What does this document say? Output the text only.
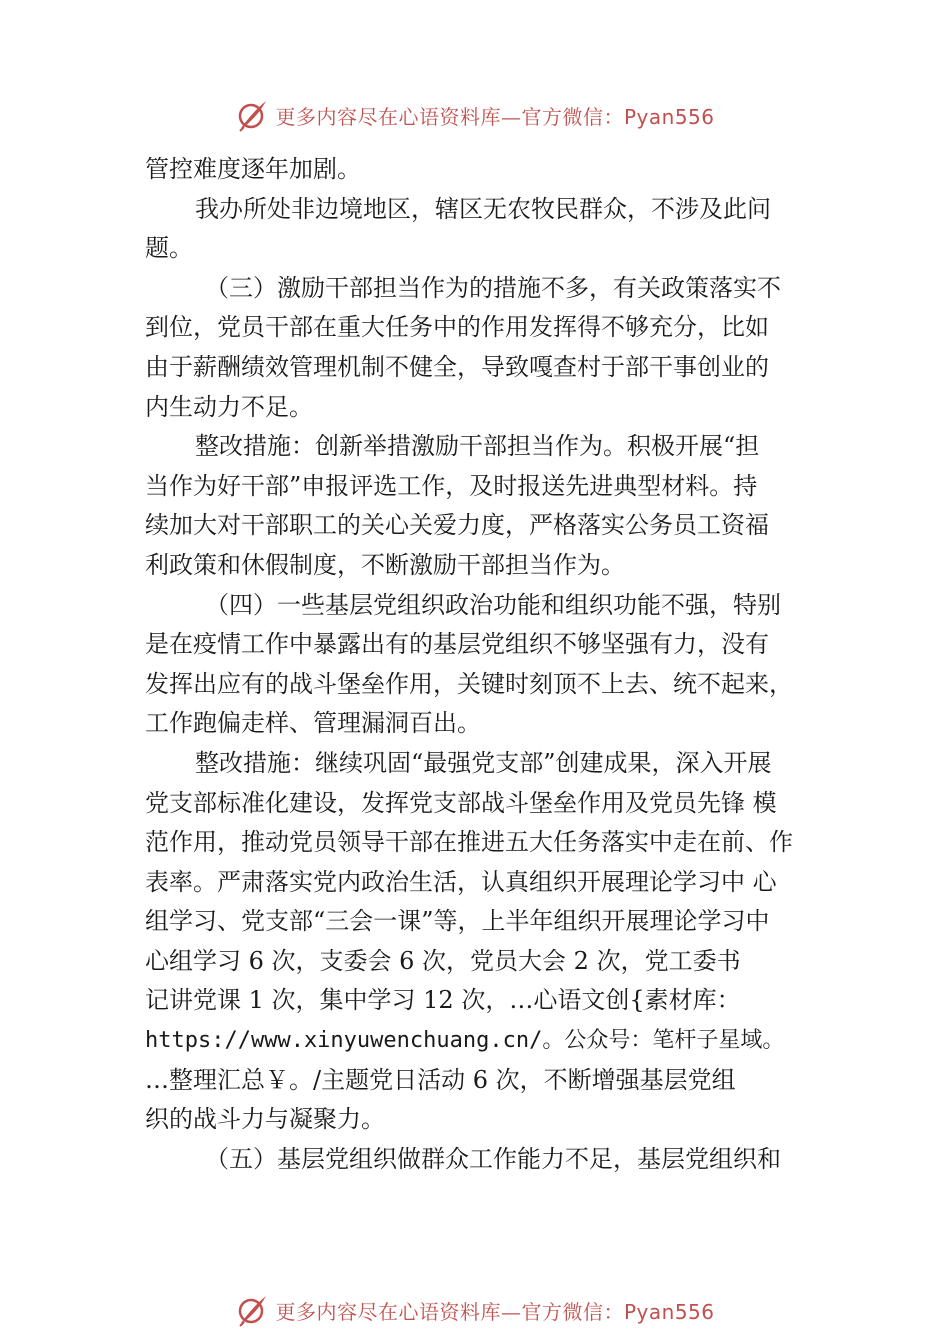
更多内容尽在心语资料库—官方微信：Pyan556
管控难度逐年加剧。
我办所处非边境地区，辖区无农牧民群众，不涉及此问
题。
（三）激励干部担当作为的措施不多，有关政策落实不
到位，党员干部在重大任务中的作用发挥得不够充分，比如
由于薪酬绩效管理机制不健全，导致嘎查村于部干事创业的
内生动力不足。
整改措施：创新举措激励干部担当作为。积极开展“担
当作为好干部”申报评选工作，及时报送先进典型材料。持
续加大对干部职工的关心关爱力度，严格落实公务员工资福
利政策和休假制度，不断激励干部担当作为。
（四）一些基层党组织政治功能和组织功能不强，特别
是在疫情工作中暴露出有的基层党组织不够坚强有力，没有
发挥出应有的战斗堡垒作用，关键时刻顶不上去、统不起来，
工作跑偏走样、管理漏洞百出。
整改措施：继续巩固“最强党支部”创建成果，深入开展
党支部标准化建设，发挥党支部战斗堡垒作用及党员先锋 模
范作用，推动党员领导干部在推进五大任务落实中走在前、作
表率。严肃落实党内政治生活，认真组织开展理论学习中 心
组学习、党支部“三会一课”等，上半年组织开展理论学习中
心组学习 6 次，支委会 6 次，党员大会 2 次，党工委书
记讲党课 1 次，集中学习 12 次，…心语文创{素材库：
https://www.xinyuwenchuang.cn/。公众号：笔杆子星域。
…整理汇总￥。/主题党日活动 6 次，不断增强基层党组
织的战斗力与凝聚力。
（五）基层党组织做群众工作能力不足，基层党组织和
更多内容尽在心语资料库—官方微信：Pyan556
